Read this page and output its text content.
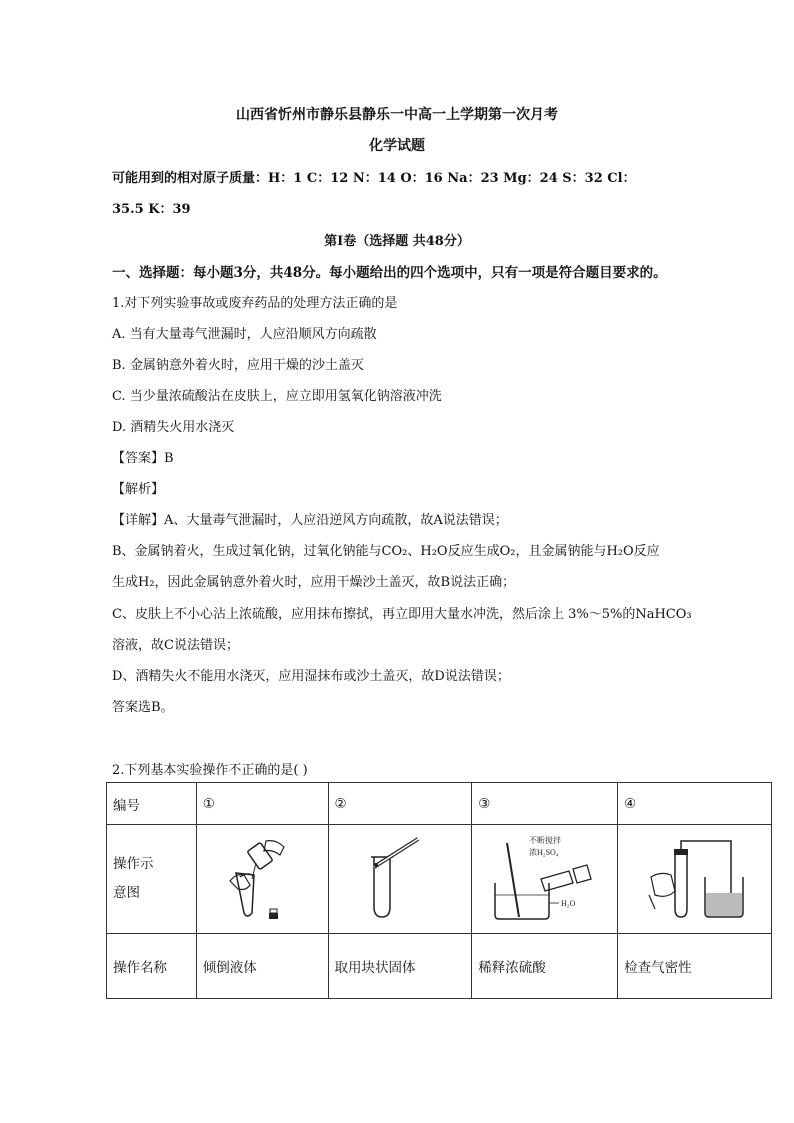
山西省忻州市静乐县静乐一中高一上学期第一次月考
化学试题
可能用到的相对原子质量：H：1 C：12 N：14 O：16 Na：23 Mg：24 S：32 Cl：
35.5 K：39
第Ⅰ卷（选择题 共48分）
一、选择题：每小题3分，共48分。每小题给出的四个选项中，只有一项是符合题目要求的。
1.对下列实验事故或废弃药品的处理方法正确的是
A. 当有大量毒气泄漏时，人应沿顺风方向疏散
B. 金属钠意外着火时，应用干燥的沙土盖灭
C. 当少量浓硫酸沾在皮肤上，应立即用氢氧化钠溶液冲洗
D. 酒精失火用水浇灭
【答案】B
【解析】
【详解】A、大量毒气泄漏时，人应沿逆风方向疏散，故A说法错误；
B、金属钠着火，生成过氧化钠，过氧化钠能与CO₂、H₂O反应生成O₂，且金属钠能与H₂O反应
生成H₂，因此金属钠意外着火时，应用干燥沙土盖灭，故B说法正确；
C、皮肤上不小心沾上浓硫酸，应用抹布擦拭，再立即用大量水冲洗，然后涂上 3%～5%的NaHCO₃
溶液，故C说法错误；
D、酒精失火不能用水浇灭，应用湿抹布或沙土盖灭，故D说法错误；
答案选B。
2.下列基本实验操作不正确的是( )
编号	①	②	③	④

操作示
意图			不断搅拌
浓H₂SO₄
H₂O

操作名称	倾倒液体	取用块状固体	稀释浓硫酸	检查气密性
